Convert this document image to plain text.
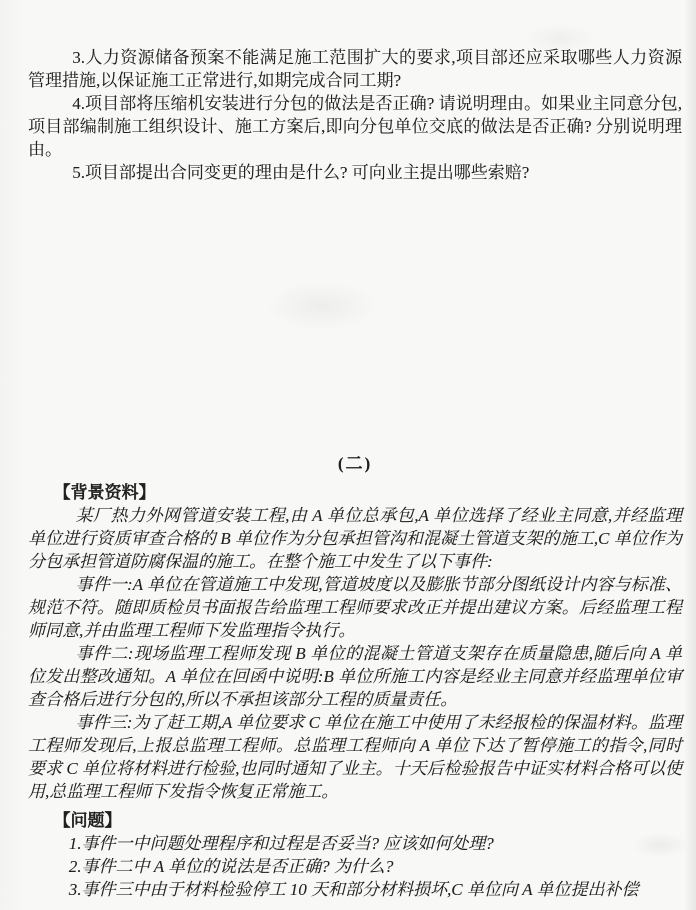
3.人力资源储备预案不能满足施工范围扩大的要求,项目部还应采取哪些人力资源管理措施,以保证施工正常进行,如期完成合同工期?

4.项目部将压缩机安装进行分包的做法是否正确? 请说明理由。如果业主同意分包,项目部编制施工组织设计、施工方案后,即向分包单位交底的做法是否正确? 分别说明理由。

5.项目部提出合同变更的理由是什么? 可向业主提出哪些索赔?

(二)

【背景资料】

某厂热力外网管道安装工程,由 A 单位总承包,A 单位选择了经业主同意,并经监理单位进行资质审查合格的 B 单位作为分包承担管沟和混凝土管道支架的施工,C 单位作为分包承担管道防腐保温的施工。在整个施工中发生了以下事件:

事件一:A 单位在管道施工中发现,管道坡度以及膨胀节部分图纸设计内容与标准、规范不符。随即质检员书面报告给监理工程师要求改正并提出建议方案。后经监理工程师同意,并由监理工程师下发监理指令执行。

事件二:现场监理工程师发现 B 单位的混凝土管道支架存在质量隐患,随后向 A 单位发出整改通知。A 单位在回函中说明:B 单位所施工内容是经业主同意并经监理单位审查合格后进行分包的,所以不承担该部分工程的质量责任。

事件三:为了赶工期,A 单位要求 C 单位在施工中使用了未经报检的保温材料。监理工程师发现后,上报总监理工程师。总监理工程师向 A 单位下达了暂停施工的指令,同时要求 C 单位将材料进行检验,也同时通知了业主。十天后检验报告中证实材料合格可以使用,总监理工程师下发指令恢复正常施工。

【问题】

1.事件一中问题处理程序和过程是否妥当? 应该如何处理?

2.事件二中 A 单位的说法是否正确? 为什么?

3.事件三中由于材料检验停工 10 天和部分材料损坏,C 单位向 A 单位提出补偿
